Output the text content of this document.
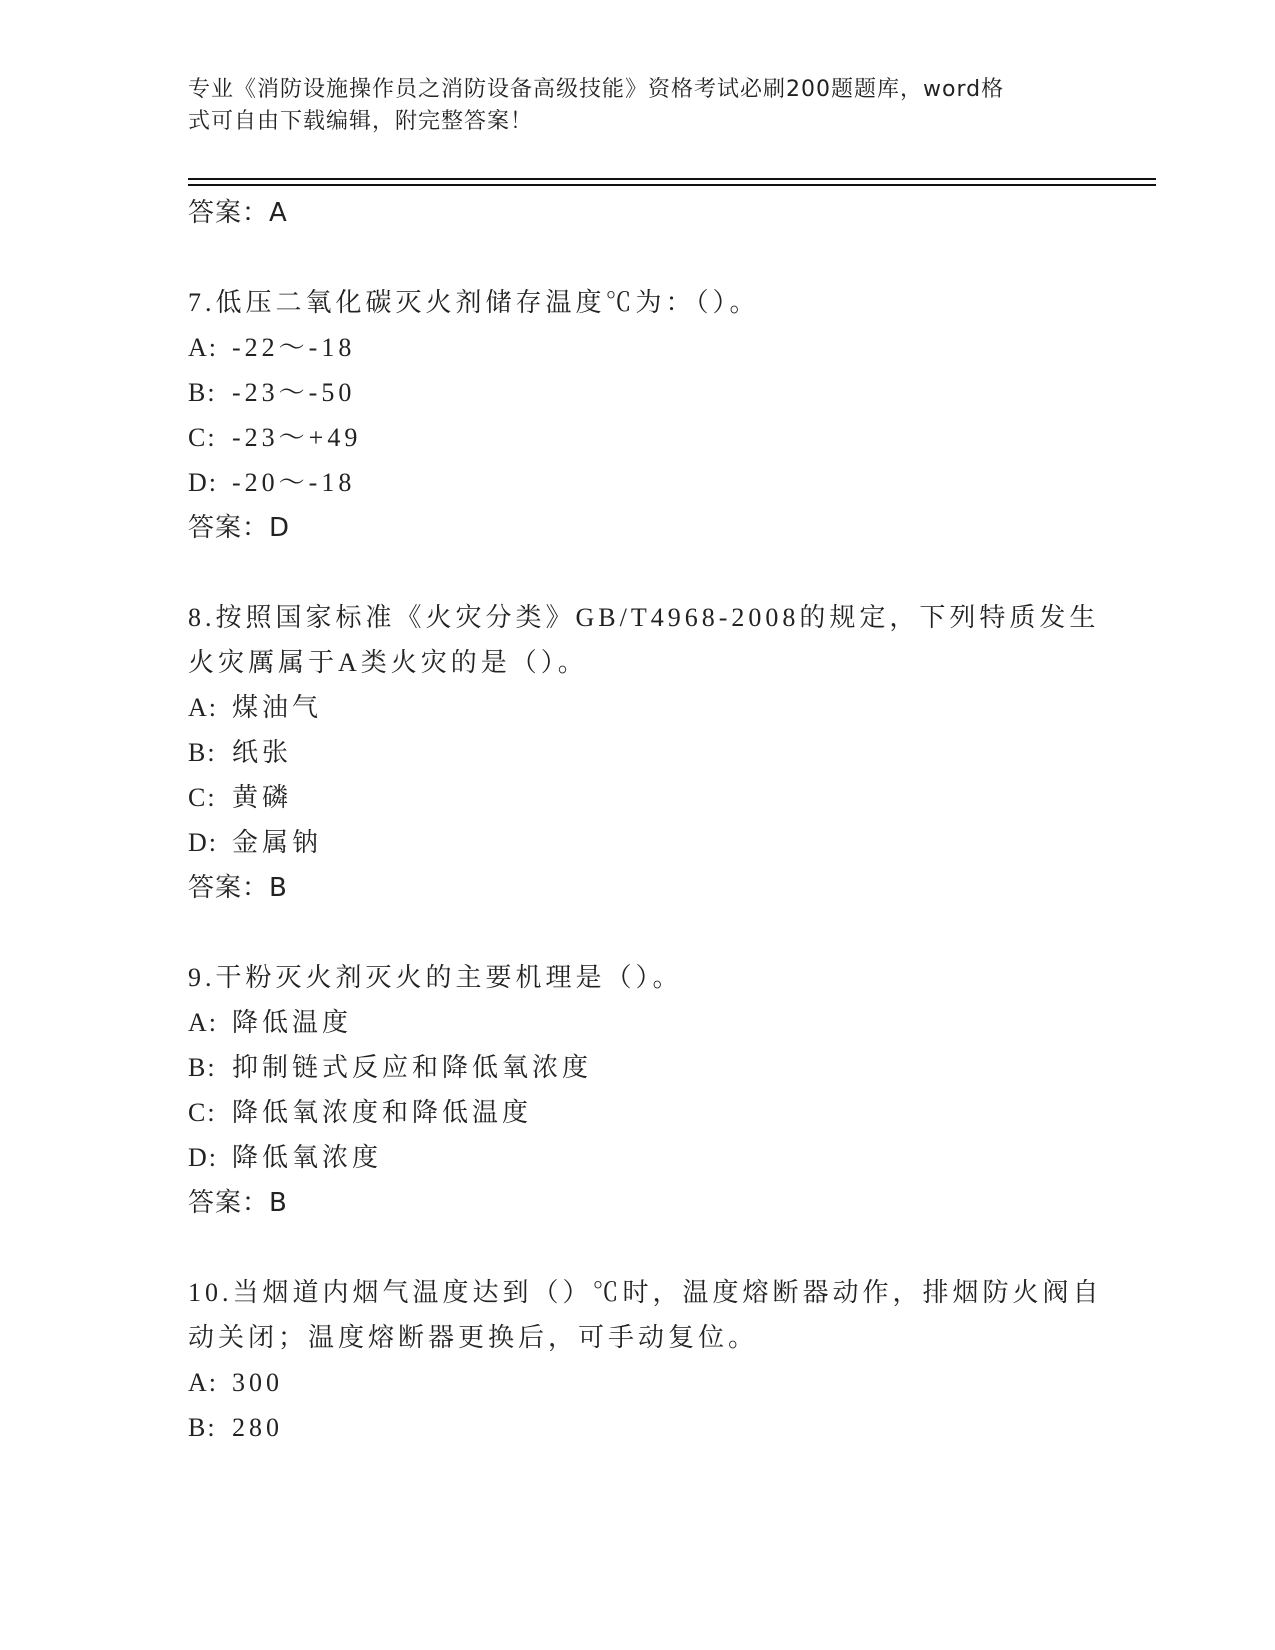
专业《消防设施操作员之消防设备高级技能》资格考试必刷200题题库，word格
式可自由下载编辑，附完整答案！
答案：A
7.低压二氧化碳灭火剂储存温度℃为：（）。
A: -22～-18
B: -23～-50
C: -23～+49
D: -20～-18
答案：D
8.按照国家标准《火灾分类》GB/T4968-2008的规定，下列特质发生火灾厲属于A类火灾的是（）。
A: 煤油气
B: 纸张
C: 黄磷
D: 金属钠
答案：B
9.干粉灭火剂灭火的主要机理是（）。
A: 降低温度
B: 抑制链式反应和降低氧浓度
C: 降低氧浓度和降低温度
D: 降低氧浓度
答案：B
10.当烟道内烟气温度达到（）℃时，温度熔断器动作，排烟防火阀自动关闭；温度熔断器更换后，可手动复位。
A: 300
B: 280
